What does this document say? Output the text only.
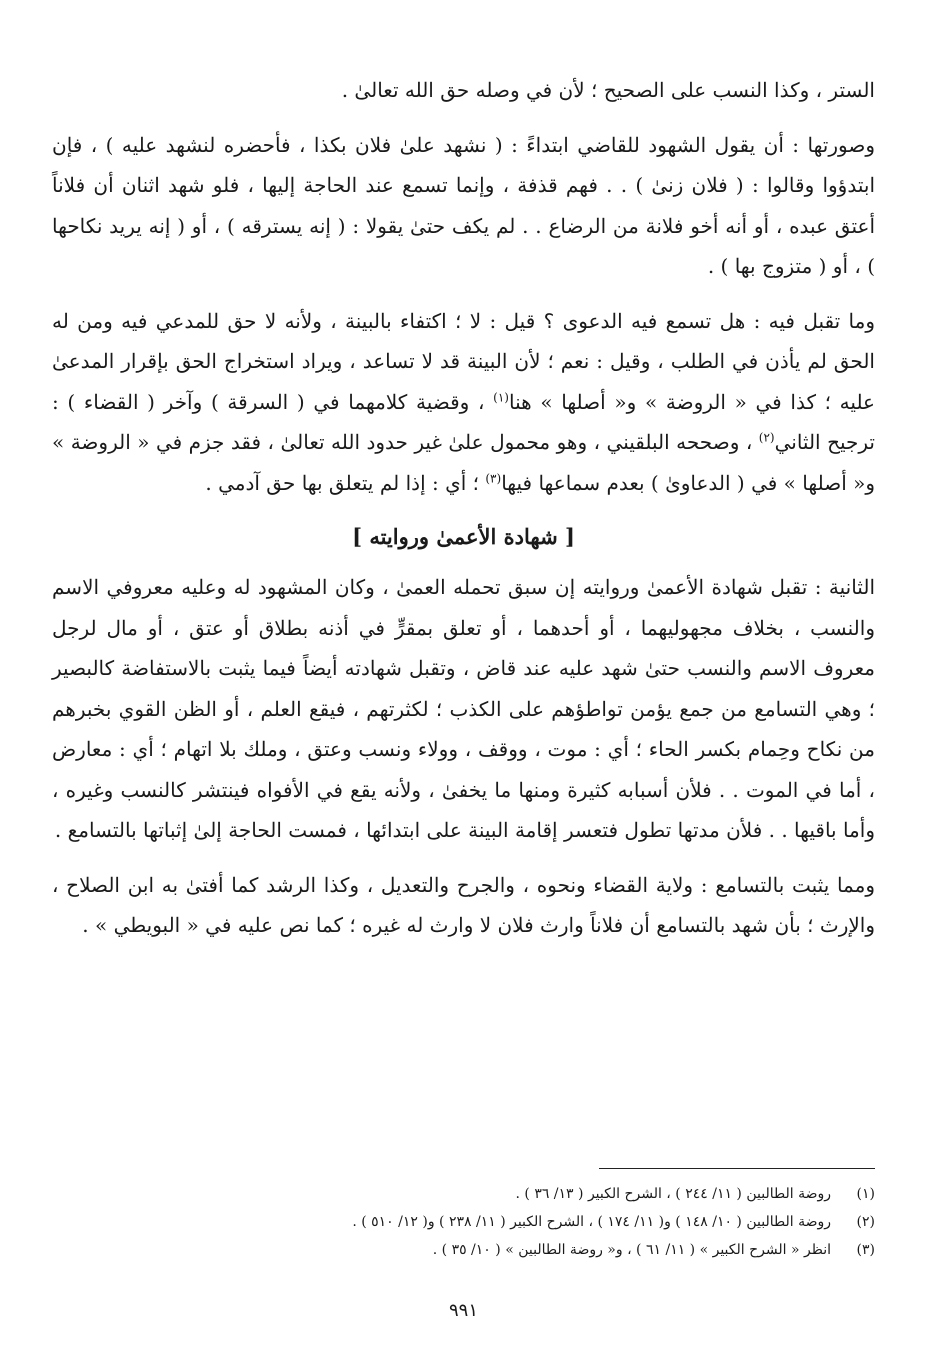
الستر ، وكذا النسب على الصحيح ؛ لأن في وصله حق الله تعالىٰ .

وصورتها : أن يقول الشهود للقاضي ابتداءً : ( نشهد علىٰ فلان بكذا ، فأحضره لنشهد عليه ) ، فإن ابتدؤوا وقالوا : ( فلان زنىٰ ) . . فهم قذفة ، وإنما تسمع عند الحاجة إليها ، فلو شهد اثنان أن فلاناً أعتق عبده ، أو أنه أخو فلانة من الرضاع . . لم يكف حتىٰ يقولا : ( إنه يسترقه ) ، أو ( إنه يريد نكاحها ) ، أو ( متزوج بها ) .

وما تقبل فيه : هل تسمع فيه الدعوى ؟ قيل : لا ؛ اكتفاء بالبينة ، ولأنه لا حق للمدعي فيه ومن له الحق لم يأذن في الطلب ، وقيل : نعم ؛ لأن البينة قد لا تساعد ، ويراد استخراج الحق بإقرار المدعىٰ عليه ؛ كذا في « الروضة » و« أصلها » هنا$^{(١)}$ ، وقضية كلامهما في ( السرقة ) وآخر ( القضاء ) : ترجيح الثاني$^{(٢)}$ ، وصححه البلقيني ، وهو محمول علىٰ غير حدود الله تعالىٰ ، فقد جزم في « الروضة » و« أصلها » في ( الدعاوىٰ ) بعدم سماعها فيها$^{(٣)}$ ؛ أي : إذا لم يتعلق بها حق آدمي .

[ شهادة الأعمىٰ وروايته ]

الثانية : تقبل شهادة الأعمىٰ وروايته إن سبق تحمله العمىٰ ، وكان المشهود له وعليه معروفي الاسم والنسب ، بخلاف مجهوليهما ، أو أحدهما ، أو تعلق بمقرٍّ في أذنه بطلاق أو عتق ، أو مال لرجل معروف الاسم والنسب حتىٰ شهد عليه عند قاض ، وتقبل شهادته أيضاً فيما يثبت بالاستفاضة كالبصير ؛ وهي التسامع من جمع يؤمن تواطؤهم على الكذب ؛ لكثرتهم ، فيقع العلم ، أو الظن القوي بخبرهم من نكاح وحِمام بكسر الحاء ؛ أي : موت ، ووقف ، وولاء ونسب وعتق ، وملك بلا اتهام ؛ أي : معارض ، أما في الموت . . فلأن أسبابه كثيرة ومنها ما يخفىٰ ، ولأنه يقع في الأفواه فينتشر كالنسب وغيره ، وأما باقيها . . فلأن مدتها تطول فتعسر إقامة البينة على ابتدائها ، فمست الحاجة إلىٰ إثباتها بالتسامع .

ومما يثبت بالتسامع : ولاية القضاء ونحوه ، والجرح والتعديل ، وكذا الرشد كما أفتىٰ به ابن الصلاح ، والإرث ؛ بأن شهد بالتسامع أن فلاناً وارث فلان لا وارث له غيره ؛ كما نص عليه في « البويطي » .

(١)
روضة الطالبين ( ١١/ ٢٤٤ ) ، الشرح الكبير ( ١٣/ ٣٦ ) .
(٢)
روضة الطالبين ( ١٠/ ١٤٨ ) و( ١١/ ١٧٤ ) ، الشرح الكبير ( ١١/ ٢٣٨ ) و( ١٢/ ٥١٠ ) .
(٣)
انظر « الشرح الكبير » ( ١١/ ٦١ ) ، و« روضة الطالبين » ( ١٠/ ٣٥ ) .
٩٩١
